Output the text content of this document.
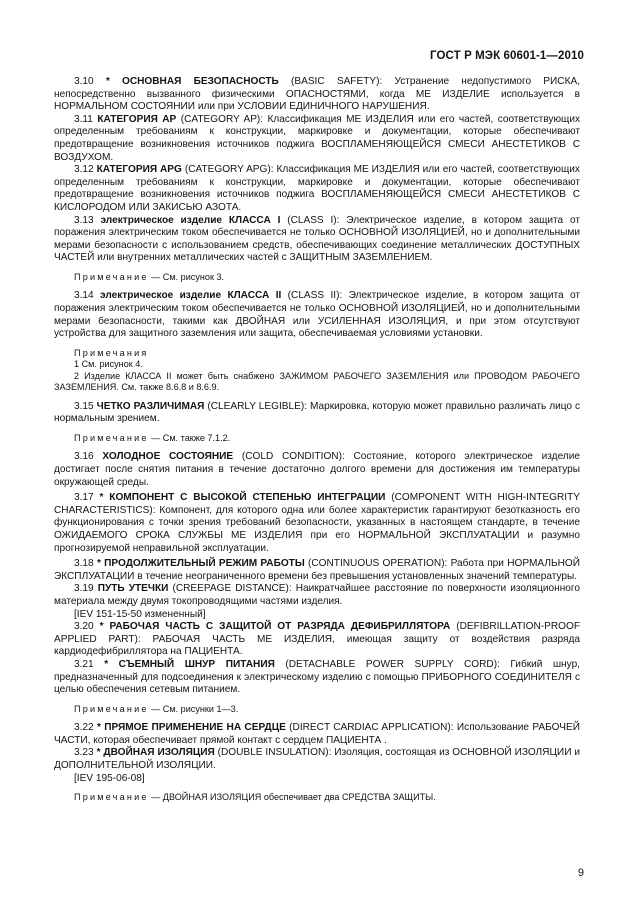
ГОСТ Р МЭК 60601-1—2010

3.10 * ОСНОВНАЯ БЕЗОПАСНОСТЬ (BASIC SAFETY): Устранение недопустимого РИСКА, непосредственно вызванного физическими ОПАСНОСТЯМИ, когда ME ИЗДЕЛИЕ используется в НОРМАЛЬНОМ СОСТОЯНИИ или при УСЛОВИИ ЕДИНИЧНОГО НАРУШЕНИЯ.

3.11 КАТЕГОРИЯ АР (CATEGORY AP): Классификация ME ИЗДЕЛИЯ или его частей, соответствующих определенным требованиям к конструкции, маркировке и документации, которые обеспечивают предотвращение возникновения источников поджига ВОСПЛАМЕНЯЮЩЕЙСЯ СМЕСИ АНЕСТЕТИКОВ С ВОЗДУХОМ.

3.12 КАТЕГОРИЯ APG (CATEGORY APG): Классификация ME ИЗДЕЛИЯ или его частей, соответствующих определенным требованиям к конструкции, маркировке и документации, которые обеспечивают предотвращение возникновения источников поджига ВОСПЛАМЕНЯЮЩЕЙСЯ СМЕСИ АНЕСТЕТИКОВ С КИСЛОРОДОМ ИЛИ ЗАКИСЬЮ АЗОТА.

3.13 электрическое изделие КЛАССА I (CLASS I): Электрическое изделие, в котором защита от поражения электрическим током обеспечивается не только ОСНОВНОЙ ИЗОЛЯЦИЕЙ, но и дополнительными мерами безопасности с использованием средств, обеспечивающих соединение металлических ДОСТУПНЫХ ЧАСТЕЙ или внутренних металлических частей с ЗАЩИТНЫМ ЗАЗЕМЛЕНИЕМ.

Примечание — См. рисунок 3.

3.14 электрическое изделие КЛАССА II (CLASS II): Электрическое изделие, в котором защита от поражения электрическим током обеспечивается не только ОСНОВНОЙ ИЗОЛЯЦИЕЙ, но и дополнительными мерами безопасности, такими как ДВОЙНАЯ или УСИЛЕННАЯ ИЗОЛЯЦИЯ, и при этом отсутствуют устройства для защитного заземления или защита, обеспечиваемая условиями установки.

Примечания

1 См. рисунок 4.

2 Изделие КЛАССА II может быть снабжено ЗАЖИМОМ РАБОЧЕГО ЗАЗЕМЛЕНИЯ или ПРОВОДОМ РАБОЧЕГО ЗАЗЕМЛЕНИЯ. См. также 8.6.8 и 8.6.9.

3.15 ЧЕТКО РАЗЛИЧИМАЯ (CLEARLY LEGIBLE): Маркировка, которую может правильно различать лицо с нормальным зрением.

Примечание — См. также 7.1.2.

3.16 ХОЛОДНОЕ СОСТОЯНИЕ (COLD CONDITION): Состояние, которого электрическое изделие достигает после снятия питания в течение достаточно долгого времени для достижения им температуры окружающей среды.

3.17 * КОМПОНЕНТ С ВЫСОКОЙ СТЕПЕНЬЮ ИНТЕГРАЦИИ (COMPONENT WITH HIGH-INTEGRITY CHARACTERISTICS): Компонент, для которого одна или более характеристик гарантируют безотказность его функционирования с точки зрения требований безопасности, указанных в настоящем стандарте, в течение ОЖИДАЕМОГО СРОКА СЛУЖБЫ ME ИЗДЕЛИЯ при его НОРМАЛЬНОЙ ЭКСПЛУАТАЦИИ и разумно прогнозируемой неправильной эксплуатации.

3.18 * ПРОДОЛЖИТЕЛЬНЫЙ РЕЖИМ РАБОТЫ (CONTINUOUS OPERATION): Работа при НОРМАЛЬНОЙ ЭКСПЛУАТАЦИИ в течение неограниченного времени без превышения установленных значений температуры.

3.19 ПУТЬ УТЕЧКИ (CREEPAGE DISTANCE): Наикратчайшее расстояние по поверхности изоляционного материала между двумя токопроводящими частями изделия.

[IEV 151-15-50 измененный]

3.20 * РАБОЧАЯ ЧАСТЬ С ЗАЩИТОЙ ОТ РАЗРЯДА ДЕФИБРИЛЛЯТОРА (DEFIBRILLATION-PROOF APPLIED PART): РАБОЧАЯ ЧАСТЬ ME ИЗДЕЛИЯ, имеющая защиту от воздействия разряда кардиодефибриллятора на ПАЦИЕНТА.

3.21 * СЪЕМНЫЙ ШНУР ПИТАНИЯ (DETACHABLE POWER SUPPLY CORD): Гибкий шнур, предназначенный для подсоединения к электрическому изделию с помощью ПРИБОРНОГО СОЕДИНИТЕЛЯ с целью обеспечения сетевым питанием.

Примечание — См. рисунки 1—3.

3.22 * ПРЯМОЕ ПРИМЕНЕНИЕ НА СЕРДЦЕ (DIRECT CARDIAC APPLICATION): Использование РАБОЧЕЙ ЧАСТИ, которая обеспечивает прямой контакт с сердцем ПАЦИЕНТА .

3.23 * ДВОЙНАЯ ИЗОЛЯЦИЯ (DOUBLE INSULATION): Изоляция, состоящая из ОСНОВНОЙ ИЗОЛЯЦИИ и ДОПОЛНИТЕЛЬНОЙ ИЗОЛЯЦИИ.

[IEV 195-06-08]

Примечание — ДВОЙНАЯ ИЗОЛЯЦИЯ обеспечивает два СРЕДСТВА ЗАЩИТЫ.

9
